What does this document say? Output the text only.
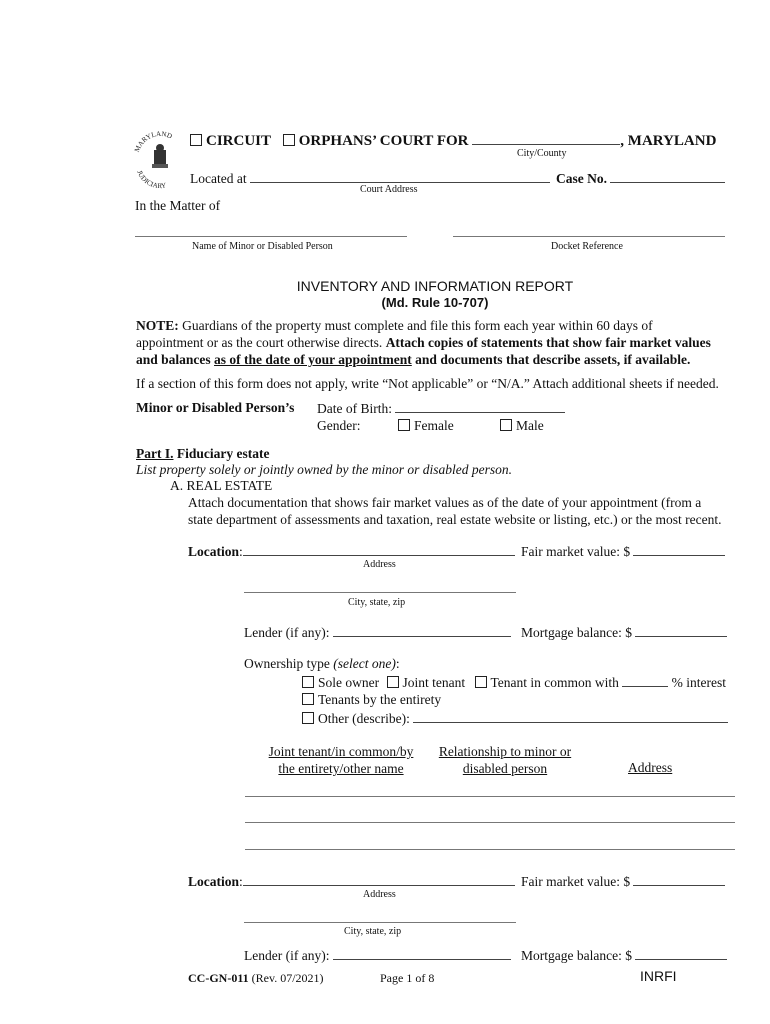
MARYLAND
JUDICIARY
CIRCUIT ORPHANS’ COURT FOR	, MARYLAND
City/County
Located at
Court Address
Case No.
In the Matter of
Name of Minor or Disabled Person	Docket Reference
INVENTORY AND INFORMATION REPORT
(Md. Rule 10-707)
NOTE: Guardians of the property must complete and file this form each year within 60 days of
appointment or as the court otherwise directs. Attach copies of statements that show fair market values
and balances as of the date of your appointment and documents that describe assets, if available.
If a section of this form does not apply, write “Not applicable” or “N/A.” Attach additional sheets if needed.
Minor or Disabled Person’s Date of Birth:
Gender:	Female	Male
Part I. Fiduciary estate
List property solely or jointly owned by the minor or disabled person.
A. REAL ESTATE
Attach documentation that shows fair market values as of the date of your appointment (from a
state department of assessments and taxation, real estate website or listing, etc.) or the most recent.
Location:	Fair market value: $
Address
City, state, zip
Lender (if any):	Mortgage balance: $
Ownership type (select one):
Sole owner Joint tenant Tenant in common with	% interest
Tenants by the entirety
Other (describe):
Joint tenant/in common/by
the entirety/other name
Relationship to minor or
disabled person	Address
Location:	Fair market value: $
Address
City, state, zip
Lender (if any):	Mortgage balance: $
CC-GN-011 (Rev. 07/2021)	Page 1 of 8	INRFI
